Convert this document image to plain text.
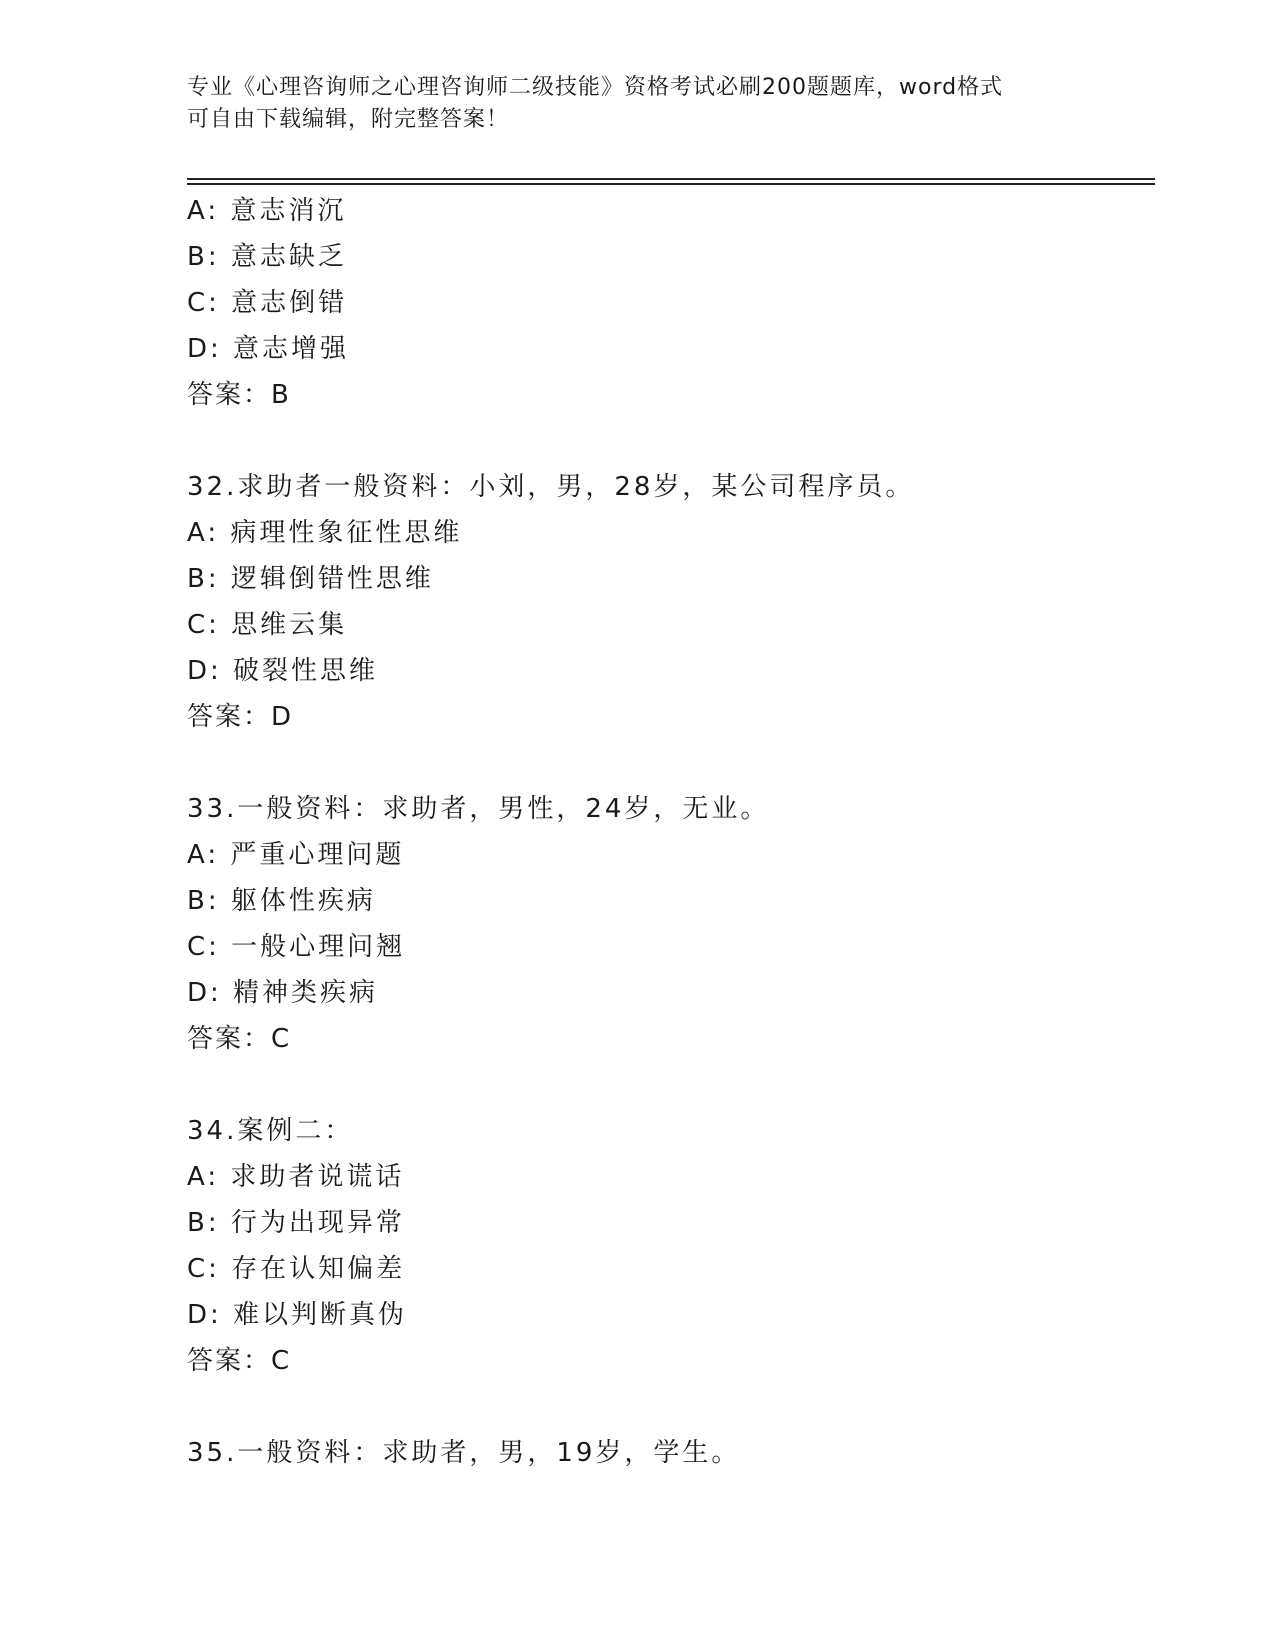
专业《心理咨询师之心理咨询师二级技能》资格考试必刷200题题库，word格式
可自由下载编辑，附完整答案！
A: 意志消沉
B: 意志缺乏
C: 意志倒错
D: 意志增强
答案：B
32.求助者一般资料：小刘，男，28岁，某公司程序员。
A: 病理性象征性思维
B: 逻辑倒错性思维
C: 思维云集
D: 破裂性思维
答案：D
33.一般资料：求助者，男性，24岁，无业。
A: 严重心理问题
B: 躯体性疾病
C: 一般心理问翘
D: 精神类疾病
答案：C
34.案例二：
A: 求助者说谎话
B: 行为出现异常
C: 存在认知偏差
D: 难以判断真伪
答案：C
35.一般资料：求助者，男，19岁，学生。
